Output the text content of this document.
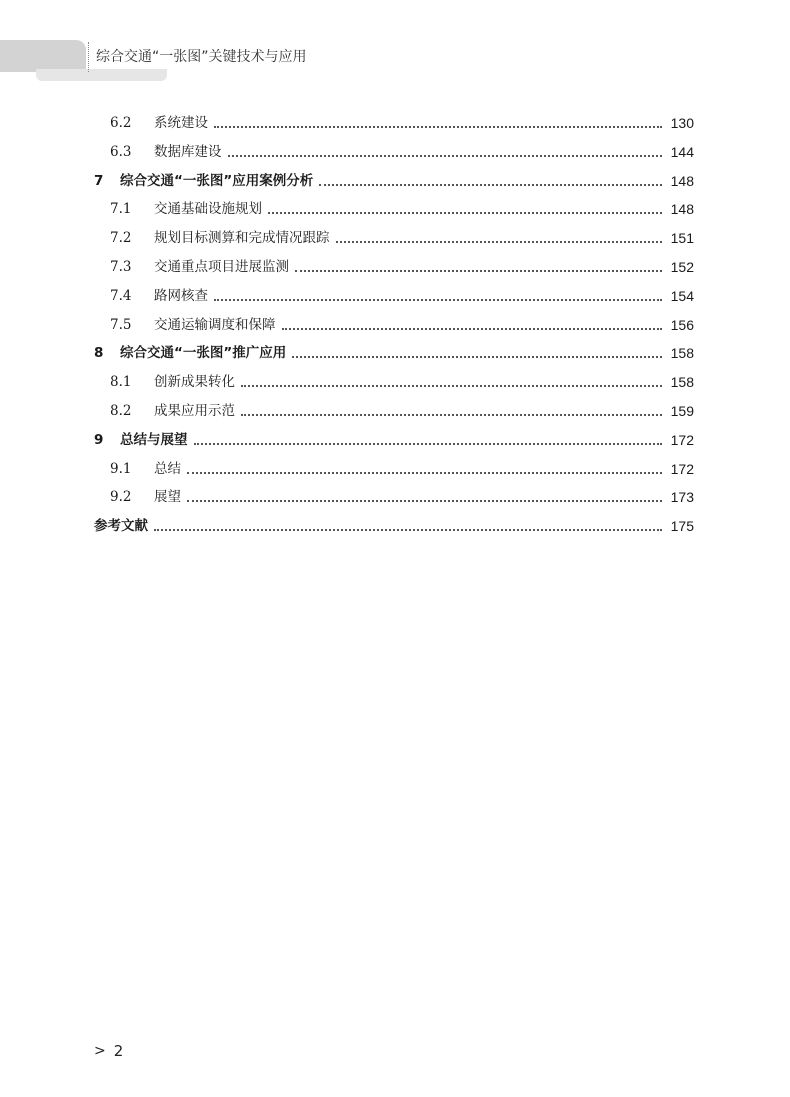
综合交通“一张图”关键技术与应用
6.2	系统建设	130
6.3	数据库建设	144
7	综合交通“一张图”应用案例分析	148
7.1	交通基础设施规划	148
7.2	规划目标测算和完成情况跟踪	151
7.3	交通重点项目进展监测	152
7.4	路网核查	154
7.5	交通运输调度和保障	156
8	综合交通“一张图”推广应用	158
8.1	创新成果转化	158
8.2	成果应用示范	159
9	总结与展望	172
9.1	总结	172
9.2	展望	173
参考文献	175
> 2
